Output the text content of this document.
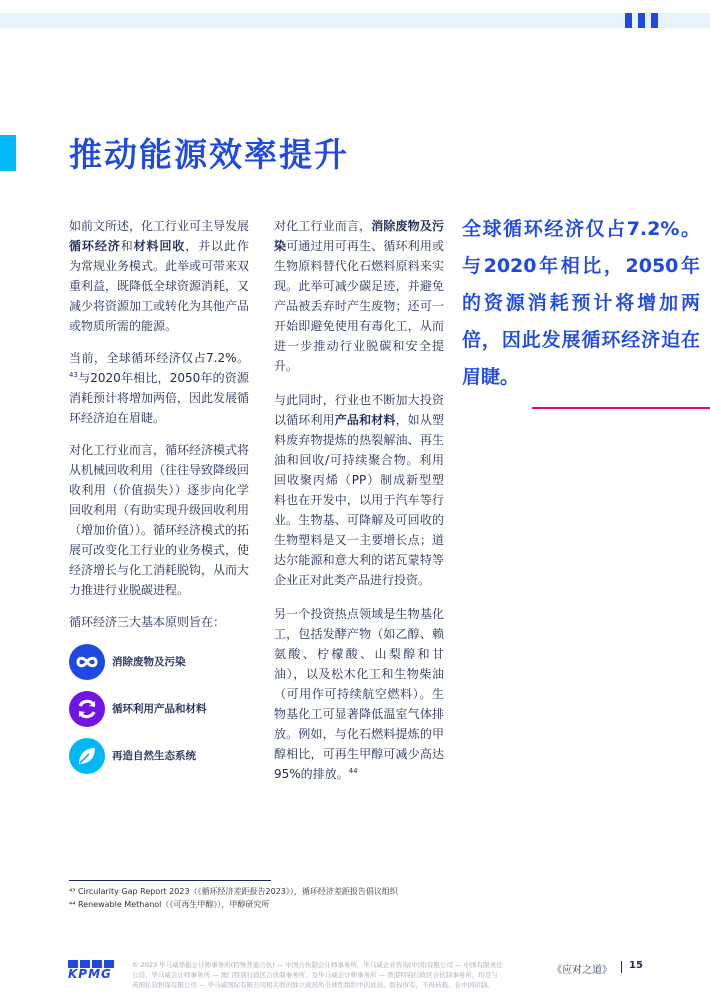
推动能源效率提升

如前文所述，化工行业可主导发展循环经济和材料回收，并以此作为常规业务模式。此举或可带来双重利益，既降低全球资源消耗，又减少将资源加工或转化为其他产品或物质所需的能源。

当前，全球循环经济仅占7.2%。$^{43}$与2020年相比，2050年的资源消耗预计将增加两倍，因此发展循环经济迫在眉睫。

对化工行业而言，循环经济模式将从机械回收利用（往往导致降级回收利用（价值损失））逐步向化学回收利用（有助实现升级回收利用（增加价值））。循环经济模式的拓展可改变化工行业的业务模式，使经济增长与化工消耗脱钩，从而大力推进行业脱碳进程。

循环经济三大基本原则旨在：

消除废物及污染
循环利用产品和材料
再造自然生态系统

对化工行业而言，消除废物及污染可通过用可再生、循环利用或生物原料替代化石燃料原料来实现。此举可减少碳足迹，并避免产品被丢弃时产生废物；还可一开始即避免使用有毒化工，从而进一步推动行业脱碳和安全提升。

与此同时，行业也不断加大投资以循环利用产品和材料，如从塑料废弃物提炼的热裂解油、再生油和回收/可持续聚合物。利用回收聚丙烯（PP）制成新型塑料也在开发中，以用于汽车等行业。生物基、可降解及可回收的生物塑料是又一主要增长点；道达尔能源和意大利的诺瓦蒙特等企业正对此类产品进行投资。

另一个投资热点领域是生物基化工，包括发酵产物（如乙醇、赖氨酸、柠檬酸、山梨醇和甘油），以及松木化工和生物柴油（可用作可持续航空燃料）。生物基化工可显著降低温室气体排放。例如，与化石燃料提炼的甲醇相比，可再生甲醇可减少高达95%的排放。$^{44}$

全球循环经济仅占7.2%。与2020年相比，2050年的资源消耗预计将增加两倍，因此发展循环经济迫在眉睫。

⁴³ Circularity Gap Report 2023（《循环经济差距报告2023》），循环经济差距报告倡议组织
⁴⁴ Renewable Methanol（《可再生甲醇》），甲醇研究所
KPMG
© 2023 毕马威华振会计师事务所(特殊普通合伙) — 中国合伙制会计师事务所，毕马威企业咨询(中国)有限公司 — 中国有限责任
公司，毕马威会计师事务所 — 澳门特别行政区合伙制事务所，及毕马威会计师事务所 — 香港特别行政区合伙制事务所，均是与
英国私营担保有限公司 — 毕马威国际有限公司相关联的独立成员所全球性组织中的成员。版权所有，不得转载。在中国印制。
《应对之道》 15
